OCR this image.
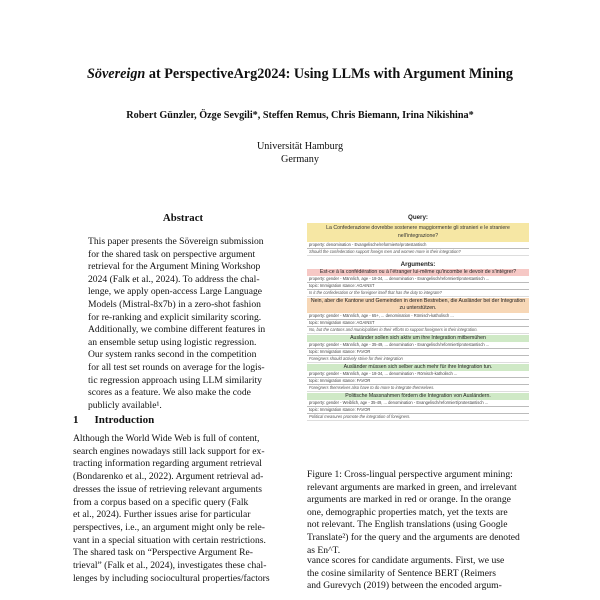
Sövereign at PerspectiveArg2024: Using LLMs with Argument Mining
Robert Günzler, Özge Sevgili*, Steffen Remus, Chris Biemann, Irina Nikishina*
Universität Hamburg
Germany
Abstract
This paper presents the Sövereign submission
for the shared task on perspective argument
retrieval for the Argument Mining Workshop
2024 (Falk et al., 2024). To address the chal-
lenge, we apply open-access Large Language
Models (Mistral-8x7b) in a zero-shot fashion
for re-ranking and explicit similarity scoring.
Additionally, we combine different features in
an ensemble setup using logistic regression.
Our system ranks second in the competition
for all test set rounds on average for the logis-
tic regression approach using LLM similarity
scores as a feature. We also make the code
publicly available¹.
1 Introduction
Although the World Wide Web is full of content,
search engines nowadays still lack support for ex-
tracting information regarding argument retrieval
(Bondarenko et al., 2022). Argument retrieval ad-
dresses the issue of retrieving relevant arguments
from a corpus based on a specific query (Falk
et al., 2024). Further issues arise for particular
perspectives, i.e., an argument might only be rele-
vant in a special situation with certain restrictions.
The shared task on “Perspective Argument Re-
trieval” (Falk et al., 2024), investigates these chal-
lenges by including sociocultural properties/factors
Query:
La Confederazione dovrebbe sostenere maggiormente gli stranieri e le straniere
nell'integrazione?
property: denomination - Evangelische/reformierte/protestantisch
Should the confederation support foreign men and women more in their integration?
Arguments:
Est-ce à la confédération ou à l'étranger lui-même qu'incombe le devoir de s'intégrer?
property: gender - Männlich, age - 18-34, ... denomination - Evangelisch/reformiert/protestantisch ...
topic: Immigration stance: AGAINST
Is it the confederation or the foreigner itself that has the duty to integrate?
Nein, aber die Kantone und Gemeinden in deren Bestreben, die Ausländer bei der Integration zu unterstützen.
property: gender - Männlich, age - 65+, ... denomination - Römisch-katholisch ...
topic: Immigration stance: AGAINST
No, but the cantons and municipalities in their efforts to support foreigners in their integration.
Ausländer sollen sich aktiv um ihre Integration mitbemühen
property: gender - Männlich, age - 35-49, ... denomination - Evangelisch/reformiert/protestantisch ...
topic: Immigration stance: FAVOR
Foreigners should actively strive for their integration
Ausländer müssen sich selber auch mehr für ihre Integration tun.
property: gender - Männlich, age - 18-34, ... denomination - Römisch-katholisch ...
topic: Immigration stance: FAVOR
Foreigners themselves also have to do more to integrate themselves.
Politische Massnahmen fördern die Integration von Ausländern.
property: gender - Weiblich, age - 35-49, ... denomination - Evangelisch/reformiert/protestantisch ...
topic: Immigration stance: FAVOR
Political measures promote the integration of foreigners.
Figure 1: Cross-lingual perspective argument mining:
relevant arguments are marked in green, and irrelevant
arguments are marked in red or orange. In the orange
one, demographic properties match, yet the texts are
not relevant. The English translations (using Google
Translate²) for the query and the arguments are denoted
as En^T.
vance scores for candidate arguments. First, we use
the cosine similarity of Sentence BERT (Reimers
and Gurevych (2019) between the encoded argum-
